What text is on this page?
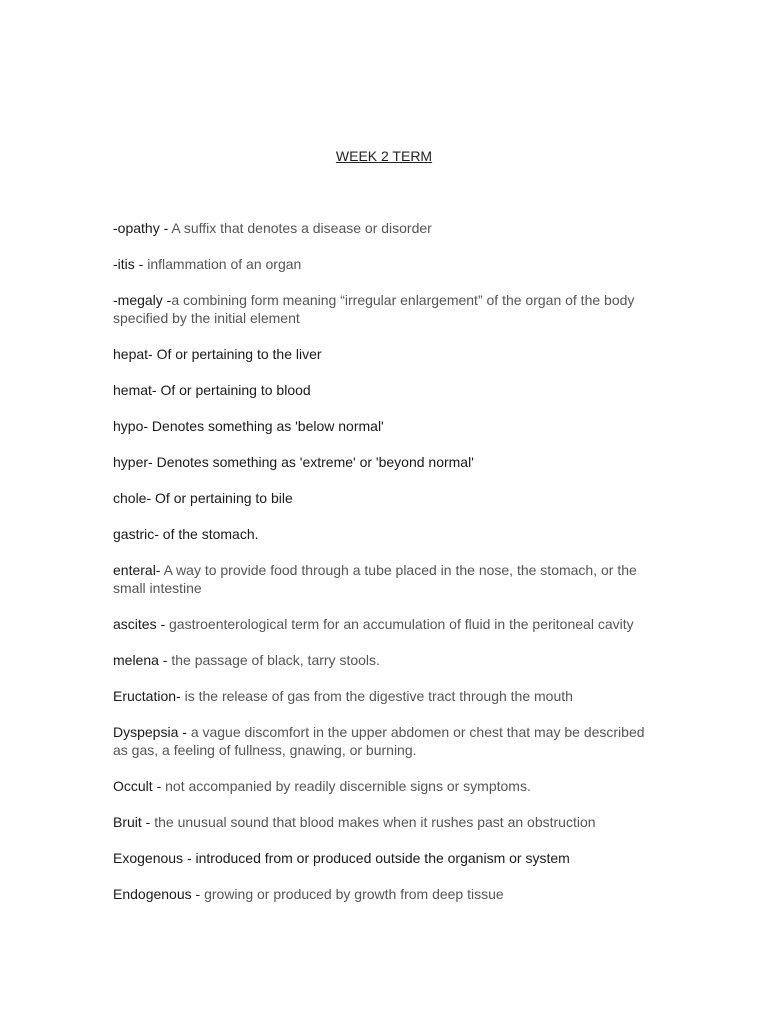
WEEK 2 TERM

-opathy - A suffix that denotes a disease or disorder

-itis - inflammation of an organ

-megaly -a combining form meaning “irregular enlargement” of the organ of the body specified by the initial element

hepat- Of or pertaining to the liver

hemat- Of or pertaining to blood

hypo- Denotes something as 'below normal'

hyper- Denotes something as 'extreme' or 'beyond normal'

chole- Of or pertaining to bile

gastric- of the stomach.

enteral- A way to provide food through a tube placed in the nose, the stomach, or the small intestine

ascites - gastroenterological term for an accumulation of fluid in the peritoneal cavity

melena - the passage of black, tarry stools.

Eructation- is the release of gas from the digestive tract through the mouth

Dyspepsia - a vague discomfort in the upper abdomen or chest that may be described as gas, a feeling of fullness, gnawing, or burning.

Occult - not accompanied by readily discernible signs or symptoms.

Bruit - the unusual sound that blood makes when it rushes past an obstruction

Exogenous - introduced from or produced outside the organism or system

Endogenous - growing or produced by growth from deep tissue
